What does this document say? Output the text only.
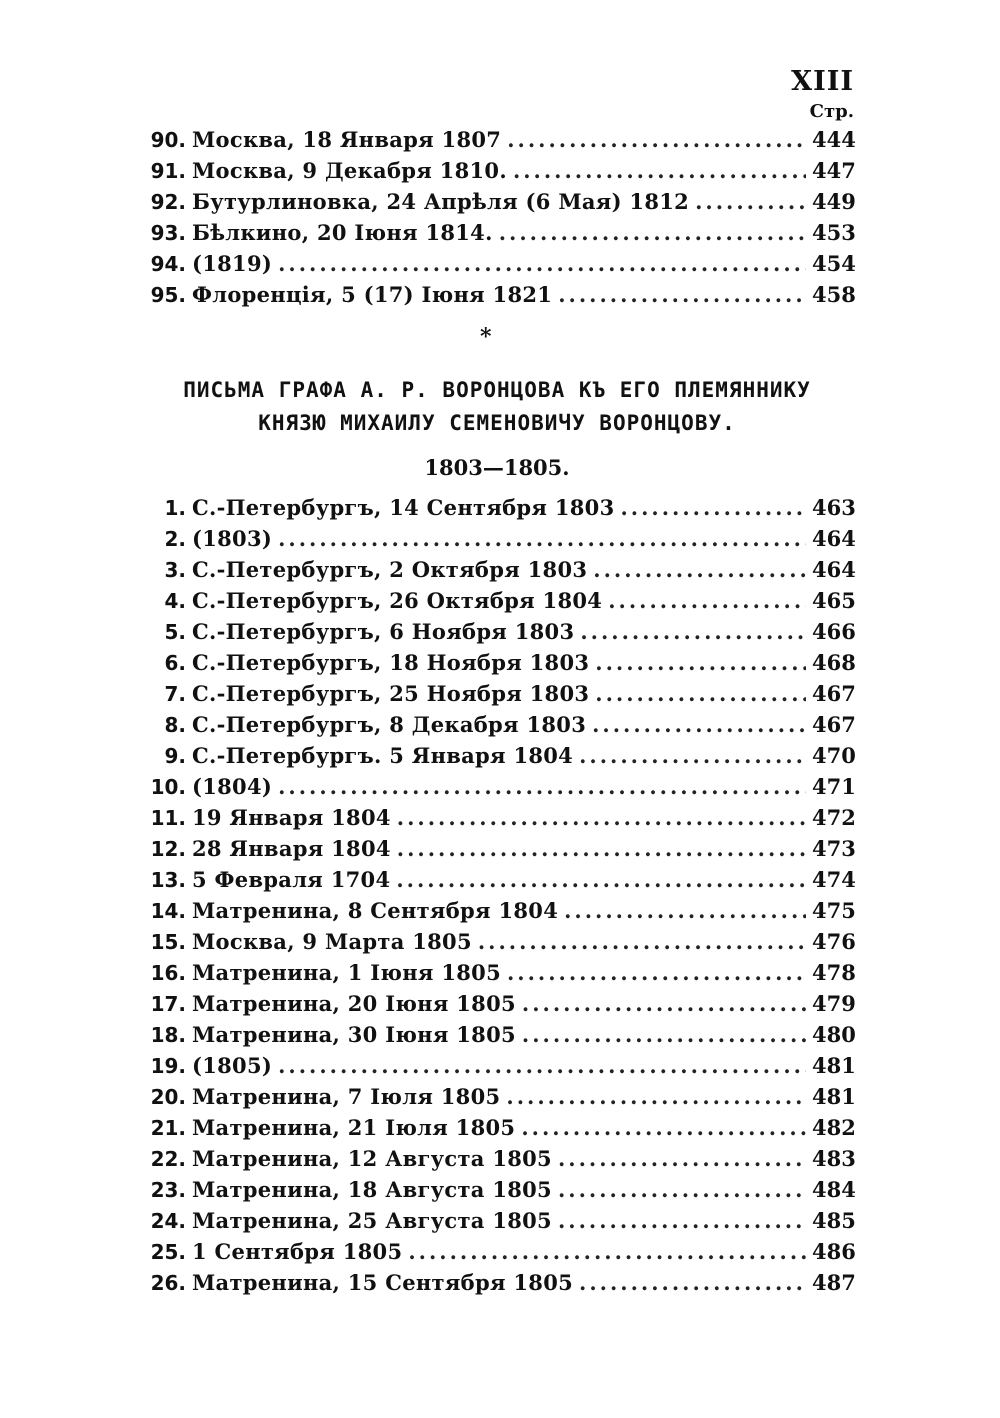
XIII
Стр.
90. Москва, 18 Января 1807 .....	444
91. Москва, 9 Декабря 1810. .....	447
92. Бутурлиновка, 24 Апрѣля (6 Мая) 1812 .....	449
93. Бѣлкино, 20 Іюня 1814. .....	453
94. (1819) .....	454
95. Флоренція, 5 (17) Іюня 1821 .....	458
*
ПИСЬМА ГРАФА А. Р. ВОРОНЦОВА КЪ ЕГО ПЛЕМЯННИКУ
КНЯЗЮ МИХАИЛУ СЕМЕНОВИЧУ ВОРОНЦОВУ.
1803—1805.
1. С.-Петербургъ, 14 Сентября 1803 .....	463
2. (1803) .....	464
3. С.-Петербургъ, 2 Октября 1803 .....	464
4. С.-Петербургъ, 26 Октября 1804 .....	465
5. С.-Петербургъ, 6 Ноября 1803 .....	466
6. С.-Петербургъ, 18 Ноября 1803 .....	468
7. С.-Петербургъ, 25 Ноября 1803 .....	467
8. С.-Петербургъ, 8 Декабря 1803 .....	467
9. С.-Петербургъ. 5 Января 1804 .....	470
10. (1804) .....	471
11. 19 Января 1804 .....	472
12. 28 Января 1804 .....	473
13. 5 Февраля 1704 .....	474
14. Матренина, 8 Сентября 1804 .....	475
15. Москва, 9 Марта 1805 .....	476
16. Матренина, 1 Іюня 1805 .....	478
17. Матренина, 20 Іюня 1805 .....	479
18. Матренина, 30 Іюня 1805 .....	480
19. (1805) .....	481
20. Матренина, 7 Іюля 1805 .....	481
21. Матренина, 21 Іюля 1805 .....	482
22. Матренина, 12 Августа 1805 .....	483
23. Матренина, 18 Августа 1805 .....	484
24. Матренина, 25 Августа 1805 .....	485
25. 1 Сентября 1805 .....	486
26. Матренина, 15 Сентября 1805 .....	487
